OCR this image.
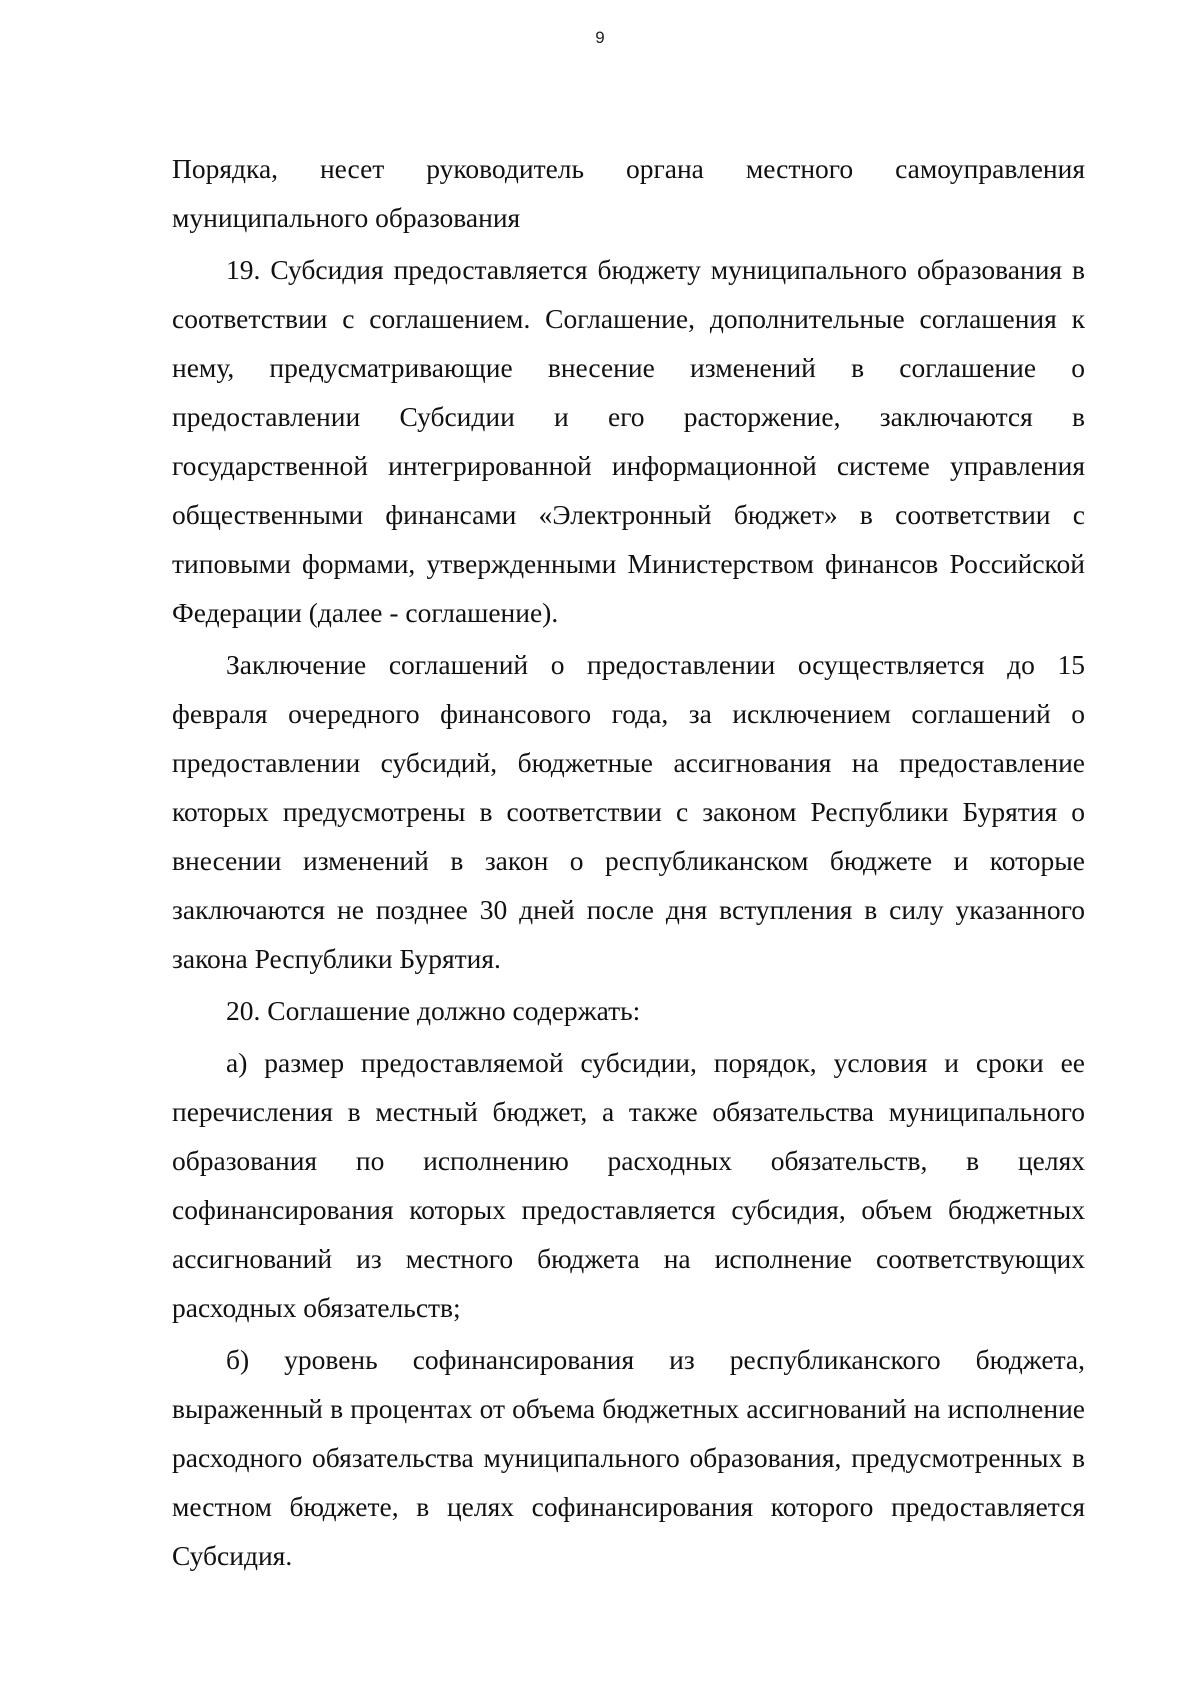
9

Порядка, несет руководитель органа местного самоуправления муниципального образования

19. Субсидия предоставляется бюджету муниципального образования в соответствии с соглашением. Соглашение, дополнительные соглашения к нему, предусматривающие внесение изменений в соглашение о предоставлении Субсидии и его расторжение, заключаются в государственной интегрированной информационной системе управления общественными финансами «Электронный бюджет» в соответствии с типовыми формами, утвержденными Министерством финансов Российской Федерации (далее - соглашение).

Заключение соглашений о предоставлении осуществляется до 15 февраля очередного финансового года, за исключением соглашений о предоставлении субсидий, бюджетные ассигнования на предоставление которых предусмотрены в соответствии с законом Республики Бурятия о внесении изменений в закон о республиканском бюджете и которые заключаются не позднее 30 дней после дня вступления в силу указанного закона Республики Бурятия.

20. Соглашение должно содержать:

а) размер предоставляемой субсидии, порядок, условия и сроки ее перечисления в местный бюджет, а также обязательства муниципального образования по исполнению расходных обязательств, в целях софинансирования которых предоставляется субсидия, объем бюджетных ассигнований из местного бюджета на исполнение соответствующих расходных обязательств;

б) уровень софинансирования из республиканского бюджета, выраженный в процентах от объема бюджетных ассигнований на исполнение расходного обязательства муниципального образования, предусмотренных в местном бюджете, в целях софинансирования которого предоставляется Субсидия.
